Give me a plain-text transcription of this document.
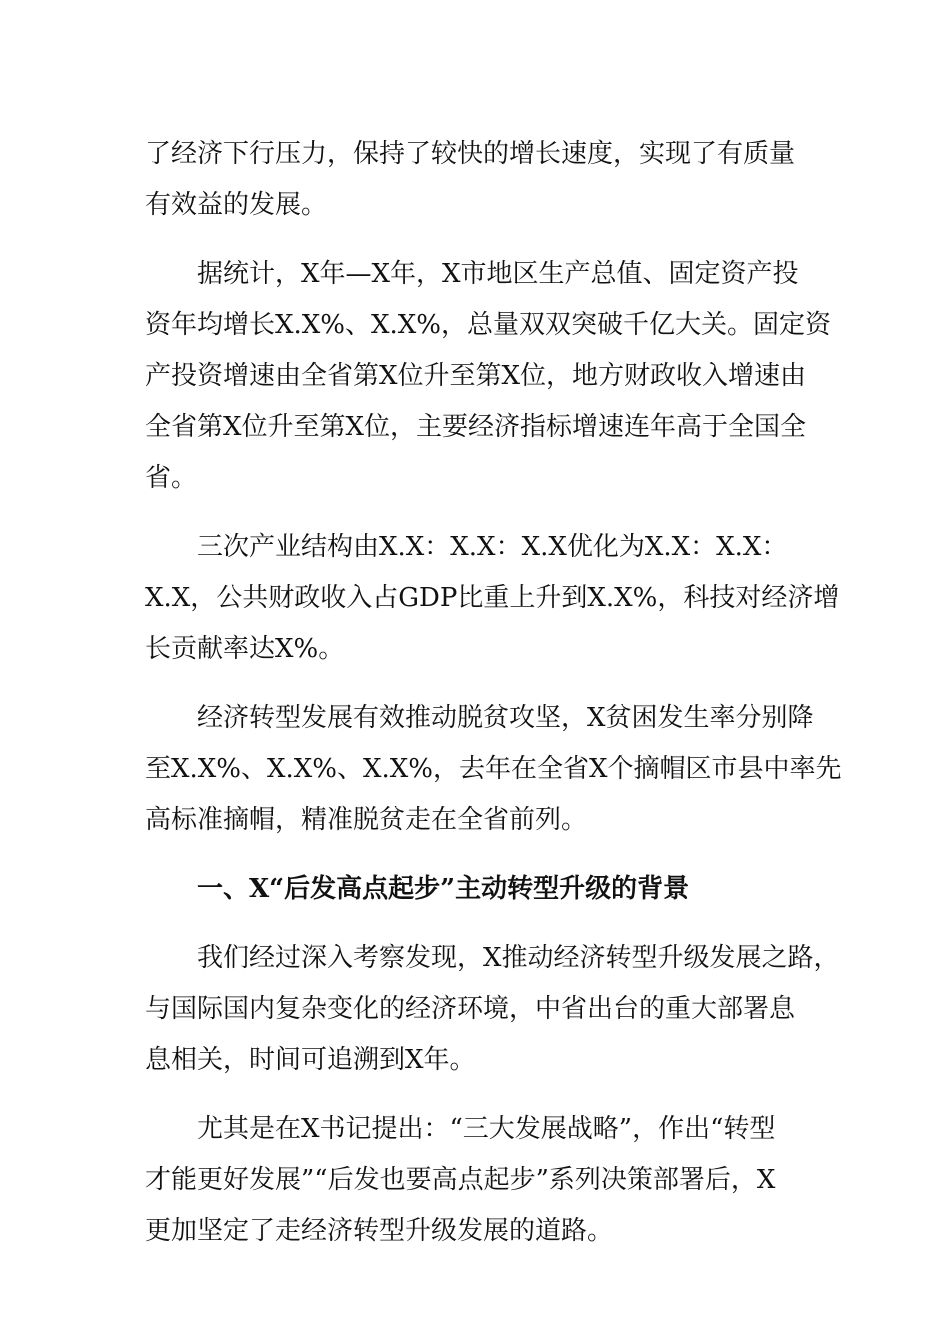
了经济下行压力，保持了较快的增长速度，实现了有质量
有效益的发展。
据统计，X年—X年，X市地区生产总值、固定资产投
资年均增长X.X%、X.X%，总量双双突破千亿大关。固定资
产投资增速由全省第X位升至第X位，地方财政收入增速由
全省第X位升至第X位，主要经济指标增速连年高于全国全
省。
三次产业结构由X.X：X.X：X.X优化为X.X：X.X：
X.X，公共财政收入占GDP比重上升到X.X%，科技对经济增
长贡献率达X%。
经济转型发展有效推动脱贫攻坚，X贫困发生率分别降
至X.X%、X.X%、X.X%，去年在全省X个摘帽区市县中率先
高标准摘帽，精准脱贫走在全省前列。
一、X“后发高点起步”主动转型升级的背景
我们经过深入考察发现，X推动经济转型升级发展之路，
与国际国内复杂变化的经济环境，中省出台的重大部署息
息相关，时间可追溯到X年。
尤其是在X书记提出：“三大发展战略”，作出“转型
才能更好发展”“后发也要高点起步”系列决策部署后，X
更加坚定了走经济转型升级发展的道路。
